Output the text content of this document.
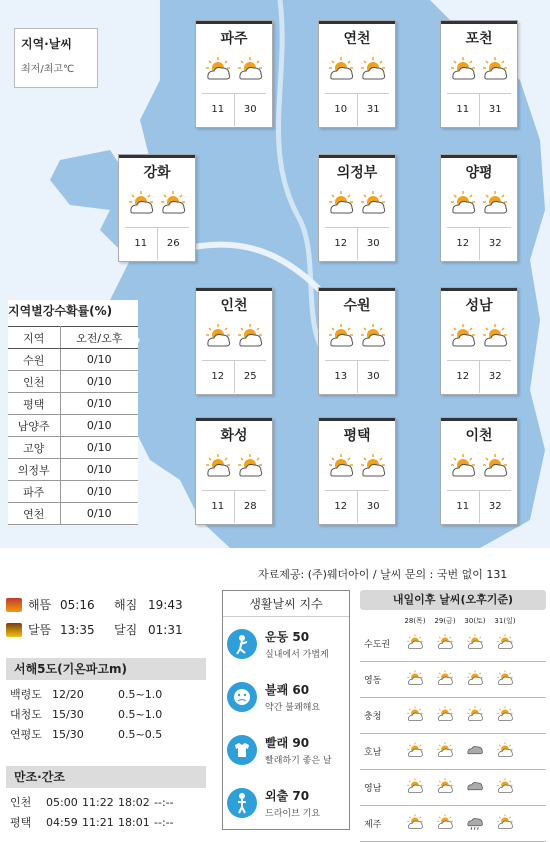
지역·날씨
최저/최고℃
파주
11	30
연천
10	31
포천
11	31
강화
11	26
의정부
12	30
양평
12	32
인천
12	25
수원
13	30
성남
12	32
화성
11	28
평택
12	30
이천
11	32
지역별강수확률(%)
지역	오전/오후
수원	0/10
인천	0/10
평택	0/10
남양주	0/10
고양	0/10
의정부	0/10
파주	0/10
연천	0/10
해뜸 05:16	해짐 19:43
달뜸 13:35	달짐 01:31
서해5도(기온파고m)
백령도 12/20	0.5~1.0
대청도 15/30	0.5~1.0
연평도 15/30	0.5~0.5
만조·간조
인천	05:00 11:22 18:02 --:--
평택	04:59 11:21 18:01 --:--
자료제공: (주)웨더아이 / 날씨 문의 : 국번 없이 131
생활날씨 지수
운동 50
실내에서 가볍게
불쾌 60
약간 불쾌해요
빨래 90
빨래하기 좋은 날
외출 70
드라이브 기요
내일이후 날씨(오후기준)
28(목)	29(금)	30(토)	31(일)
수도권
영동
충청
호남
영남
제주
